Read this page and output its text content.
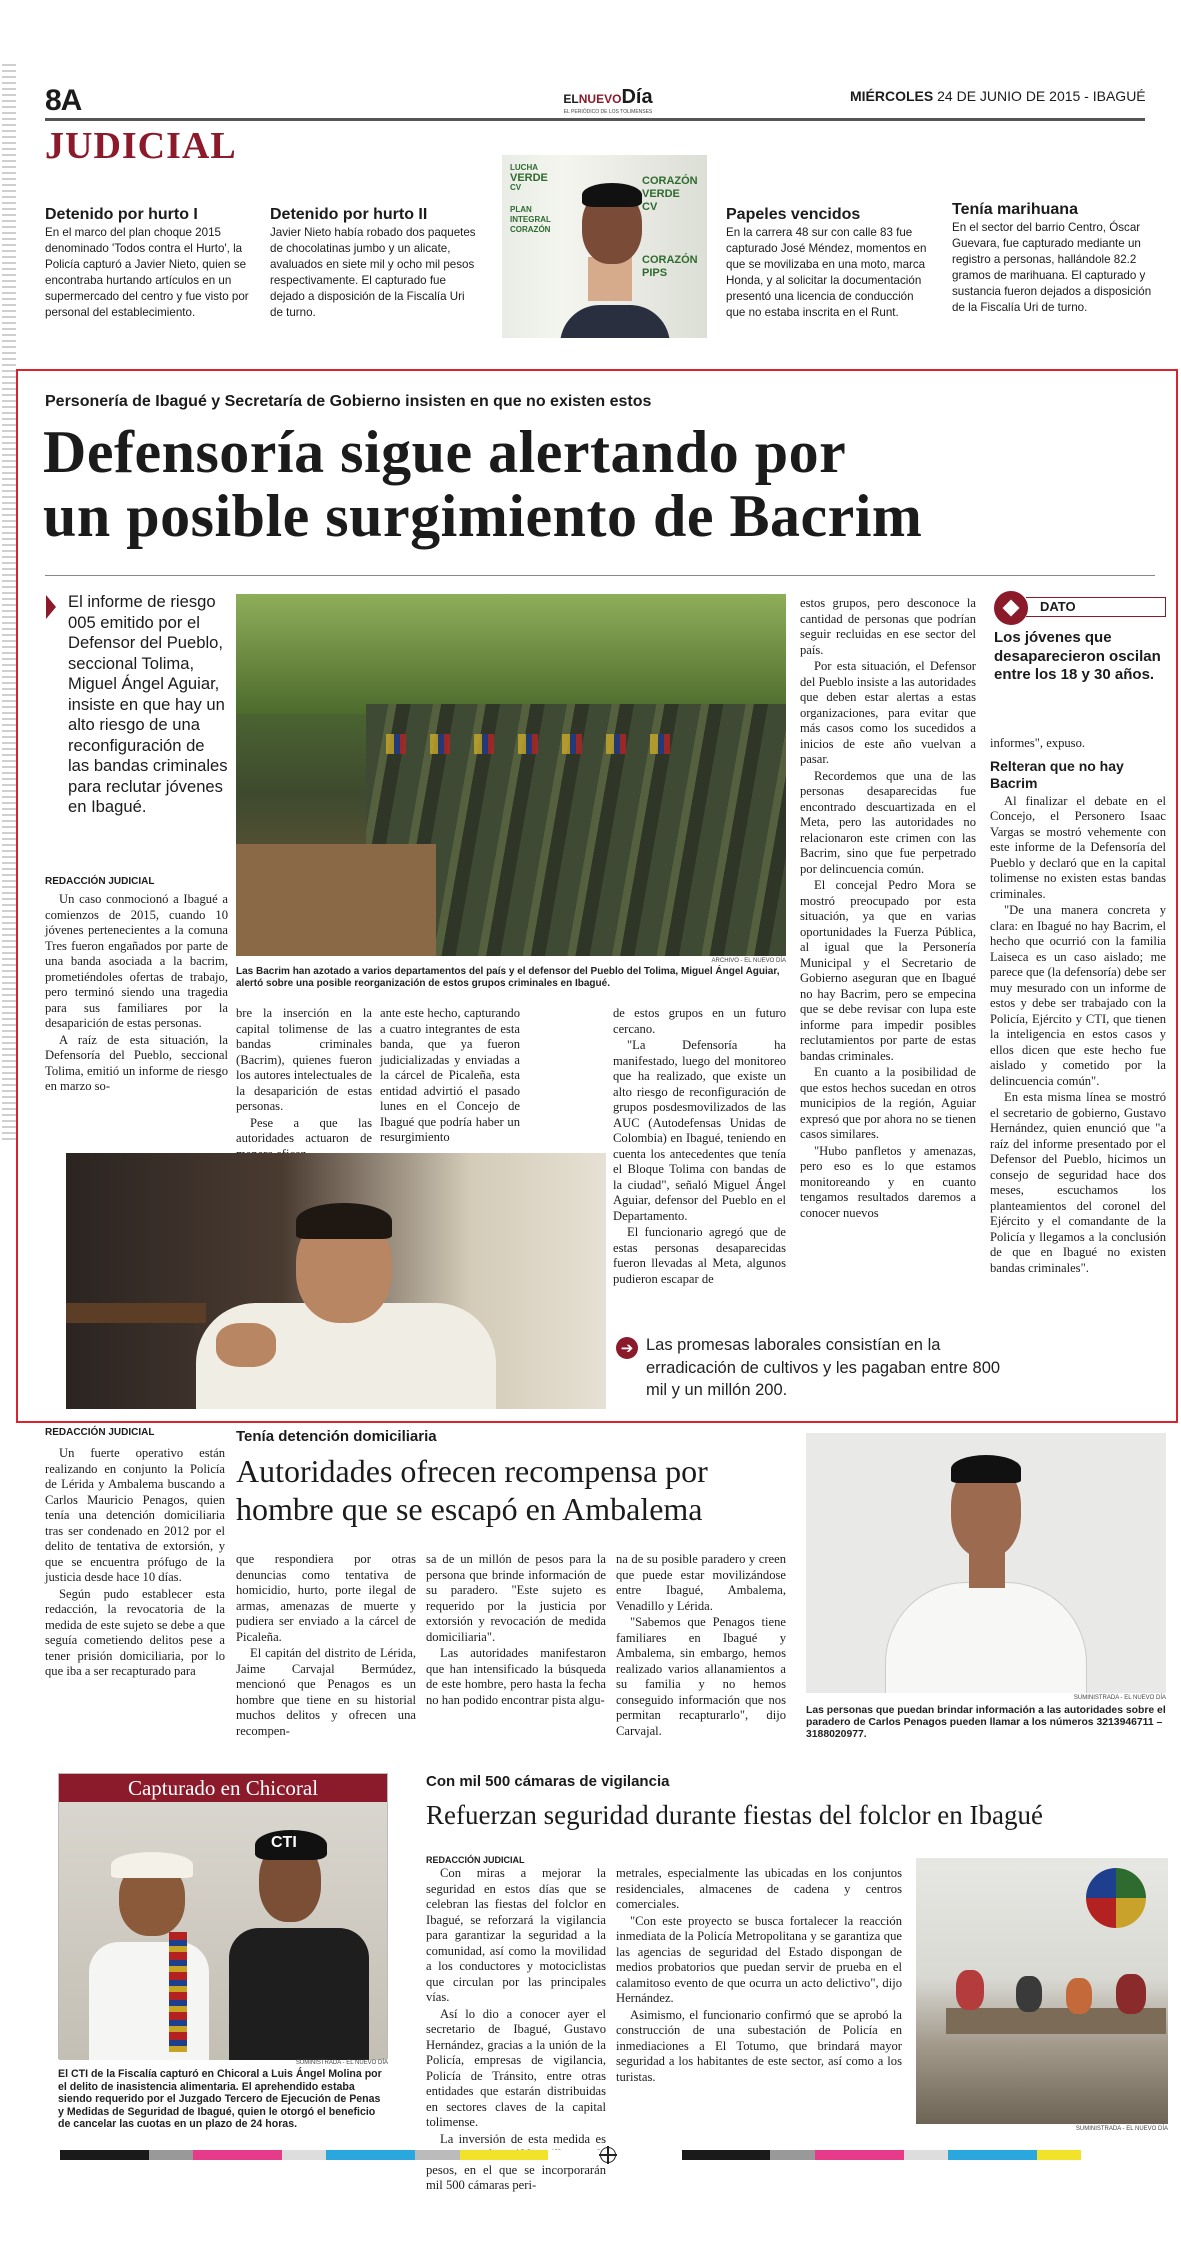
8A
JUDICIAL
ELNUEVODía
EL PERIÓDICO DE LOS TOLIMENSES
MIÉRCOLES 24 DE JUNIO DE 2015 - IBAGUÉ
Detenido por hurto I
En el marco del plan choque 2015 denominado 'Todos contra el Hurto', la Policía capturó a Javier Nieto, quien se encontraba hurtando artículos en un supermercado del centro y fue visto por personal del establecimiento.
Detenido por hurto II
Javier Nieto había robado dos paquetes de chocolatinas jumbo y un alicate, avaluados en siete mil y ocho mil pesos respectivamente. El capturado fue dejado a disposición de la Fiscalía Uri de turno.
LUCHA
VERDE
CV
PLAN INTEGRAL
CORAZÓN
CORAZÓN VERDE
CV
CORAZÓN
PIPS
Papeles vencidos
En la carrera 48 sur con calle 83 fue capturado José Méndez, momentos en que se movilizaba en una moto, marca Honda, y al solicitar la documentación presentó una licencia de conducción que no estaba inscrita en el Runt.
Tenía marihuana
En el sector del barrio Centro, Óscar Guevara, fue capturado mediante un registro a personas, hallándole 82.2 gramos de marihuana. El capturado y sustancia fueron dejados a disposición de la Fiscalía Uri de turno.
Personería de Ibagué y Secretaría de Gobierno insisten en que no existen estos
Defensoría sigue alertando por
un posible surgimiento de Bacrim
El informe de riesgo 005 emitido por el Defensor del Pueblo, seccional Tolima, Miguel Ángel Aguiar, insiste en que hay un alto riesgo de una reconfiguración de las bandas criminales para reclutar jóvenes en Ibagué.
REDACCIÓN JUDICIAL

Un caso conmocionó a Ibagué a comienzos de 2015, cuando 10 jóvenes pertenecientes a la comuna Tres fueron engañados por parte de una banda asociada a la bacrim, prometiéndoles ofertas de trabajo, pero terminó siendo una tragedia para sus familiares por la desaparición de estas personas.

A raíz de esta situación, la Defensoría del Pueblo, seccional Tolima, emitió un informe de riesgo en marzo so-

ARCHIVO - EL NUEVO DÍA
Las Bacrim han azotado a varios departamentos del país y el defensor del Pueblo del Tolima, Miguel Ángel Aguiar, alertó sobre una posible reorganización de estos grupos criminales en Ibagué.

bre la inserción en la capital tolimense de las bandas criminales (Bacrim), quienes fueron los autores intelectuales de la desaparición de estas personas.

Pese a que las autoridades actuaron de

ante este hecho, capturando a cuatro integrantes de esta banda, que ya fueron judicializadas y enviadas a la cárcel de Picaleña, esta entidad advirtió el pasado lunes en el Concejo de Ibagué que podría haber un resurgimiento

de estos grupos en un futuro cercano.

"La Defensoría ha manifestado, luego del monitoreo que ha realizado, que existe un alto riesgo de reconfiguración de grupos posdesmovilizados de las AUC (Autodefensas Unidas de Colombia) en Ibagué, teniendo en cuenta los antecedentes que tenía el Bloque Tolima con bandas de la ciudad", señaló Miguel Ángel Aguiar, defensor del Pueblo en el Departamento.

El funcionario agregó que de estas personas desaparecidas fueron llevadas al Meta, algunos pudieron escapar de

estos grupos, pero desconoce la cantidad de personas que podrían seguir recluidas en ese sector del país.

Por esta situación, el Defensor del Pueblo insiste a las autoridades que deben estar alertas a estas organizaciones, para evitar que más casos como los sucedidos a inicios de este año vuelvan a pasar.

Recordemos que una de las personas desaparecidas fue encontrado descuartizada en el Meta, pero las autoridades no relacionaron este crimen con las Bacrim, sino que fue perpetrado por delincuencia común.

El concejal Pedro Mora se mostró preocupado por esta situación, ya que en varias oportunidades la Fuerza Pública, al igual que la Personería Municipal y el Secretario de Gobierno aseguran que en Ibagué no hay Bacrim, pero se empecina que se debe revisar con lupa este informe para impedir posibles reclutamientos por parte de estas bandas criminales.

En cuanto a la posibilidad de que estos hechos sucedan en otros municipios de la región, Aguiar expresó que por ahora no se tienen casos similares.

"Hubo panfletos y amenazas, pero eso es lo que estamos monitoreando y en cuanto tengamos resultados daremos a conocer nuevos

➔ Las promesas laborales consistían en la erradicación de cultivos y les pagaban entre 800 mil y un millón 200.
DATO
Los jóvenes que desaparecieron oscilan entre los 18 y 30 años.

informes", expuso.

Relteran que no hay Bacrim

Al finalizar el debate en el Concejo, el Personero Isaac Vargas se mostró vehemente con este informe de la Defensoría del Pueblo y declaró que en la capital tolimense no existen estas bandas criminales.

"De una manera concreta y clara: en Ibagué no hay Bacrim, el hecho que ocurrió con la familia Laiseca es un caso aislado; me parece que (la defensoría) debe ser muy mesurado con un informe de estos y debe ser trabajado con la Policía, Ejército y CTI, que tienen la inteligencia en estos casos y ellos dicen que este hecho fue aislado y cometido por la delincuencia común".

En esta misma línea se mostró el secretario de gobierno, Gustavo Hernández, quien enunció que "a raíz del informe presentado por el Defensor del Pueblo, hicimos un consejo de seguridad hace dos meses, escuchamos los planteamientos del coronel del Ejército y el comandante de la Policía y llegamos a la conclusión de que en Ibagué no existen bandas criminales".

REDACCIÓN JUDICIAL

Un fuerte operativo están realizando en conjunto la Policía de Lérida y Ambalema buscando a Carlos Mauricio Penagos, quien tenía una detención domiciliaria tras ser condenado en 2012 por el delito de tentativa de extorsión, y que se encuentra prófugo de la justicia desde hace 10 días.

Según pudo establecer esta redacción, la revocatoria de la medida de este sujeto se debe a que seguía cometiendo delitos pese a tener prisión domiciliaria, por lo que iba a ser recapturado para

Tenía detención domiciliaria
Autoridades ofrecen recompensa por
hombre que se escapó en Ambalema

que respondiera por otras denuncias como tentativa de homicidio, hurto, porte ilegal de armas, amenazas de muerte y pudiera ser enviado a la cárcel de Picaleña.

El capitán del distrito de Lérida, Jaime Carvajal Bermúdez, mencionó que Penagos es un hombre que tiene en su historial muchos delitos y ofrecen una recompen-

sa de un millón de pesos para la persona que brinde información de su paradero. "Este sujeto es requerido por la justicia por extorsión y revocación de medida domiciliaria".

Las autoridades manifestaron que han intensificado la búsqueda de este hombre, pero hasta la fecha no han podido encontrar pista algu-

na de su posible paradero y creen que puede estar movilizándose entre Ibagué, Ambalema, Venadillo y Lérida.

"Sabemos que Penagos tiene familiares en Ibagué y Ambalema, sin embargo, hemos realizado varios allanamientos a su familia y no hemos conseguido información que nos permitan recapturarlo", dijo Carvajal.

SUMINISTRADA - EL NUEVO DÍA
Las personas que puedan brindar información a las autoridades sobre el paradero de Carlos Penagos pueden llamar a los números 3213946711 – 3188020977.
Capturado en Chicoral
CTI
SUMINISTRADA - EL NUEVO DÍA
El CTI de la Fiscalía capturó en Chicoral a Luis Ángel Molina por el delito de inasistencia alimentaria. El aprehendido estaba siendo requerido por el Juzgado Tercero de Ejecución de Penas y Medidas de Seguridad de Ibagué, quien le otorgó el beneficio de cancelar las cuotas en un plazo de 24 horas.
Con mil 500 cámaras de vigilancia
Refuerzan seguridad durante fiestas del folclor en Ibagué
REDACCIÓN JUDICIAL

Con miras a mejorar la seguridad en estos días que se celebran las fiestas del folclor en Ibagué, se reforzará la vigilancia para garantizar la seguridad a la comunidad, así como la movilidad a los conductores y motociclistas que circulan por las principales vías.

Así lo dio a conocer ayer el secretario de Ibagué, Gustavo Hernández, gracias a la unión de la Policía, empresas de vigilancia, Policía de Tránsito, entre otras entidades que estarán distribuidas en sectores claves de la capital tolimense.

La inversión de esta medida es pesos, en el que se incorporarán mil 500 cámaras peri-

metrales, especialmente las ubicadas en los conjuntos residenciales, almacenes de cadena y centros comerciales.

"Con este proyecto se busca fortalecer la reacción inmediata de la Policía Metropolitana y se garantiza que las agencias de seguridad del Estado dispongan de medios probatorios que puedan servir de prueba en el calamitoso evento de que ocurra un acto delictivo", dijo Hernández.

Asimismo, el funcionario confirmó que se aprobó la construcción de una subestación de Policía en inmediaciones a El Totumo, que brindará mayor seguridad a los habitantes de este sector, así como a los turistas.

SUMINISTRADA - EL NUEVO DÍA
